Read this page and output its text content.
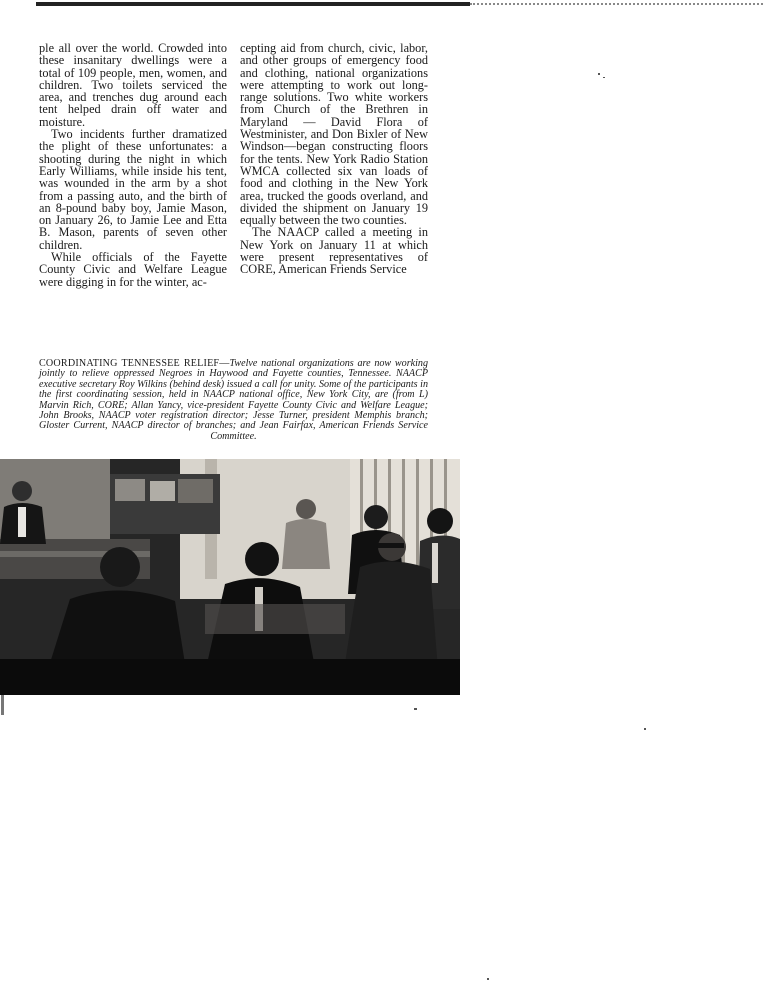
ple all over the world. Crowded into these insanitary dwellings were a total of 109 people, men, women, and children. Two toilets serviced the area, and trenches dug around each tent helped drain off water and moisture.

Two incidents further dramatized the plight of these unfortunates: a shooting during the night in which Early Williams, while inside his tent, was wounded in the arm by a shot from a passing auto, and the birth of an 8-pound baby boy, Jamie Mason, on January 26, to Jamie Lee and Etta B. Mason, parents of seven other children.

While officials of the Fayette County Civic and Welfare League were digging in for the winter, ac-

cepting aid from church, civic, labor, and other groups of emergency food and clothing, national organizations were attempting to work out long-range solutions. Two white workers from Church of the Brethren in Maryland — David Flora of Westminister, and Don Bixler of New Windson—began constructing floors for the tents. New York Radio Station WMCA collected six van loads of food and clothing in the New York area, trucked the goods overland, and divided the shipment on January 19 equally between the two counties.

The NAACP called a meeting in New York on January 11 at which were present representatives of CORE, American Friends Service

COORDINATING TENNESSEE RELIEF—Twelve national organizations are now working jointly to relieve oppressed Negroes in Haywood and Fayette counties, Tennessee. NAACP executive secretary Roy Wilkins (behind desk) issued a call for unity. Some of the participants in the first coordinating session, held in NAACP national office, New York City, are (from L) Marvin Rich, CORE; Allan Yancy, vice-president Fayette County Civic and Welfare League; John Brooks, NAACP voter registration director; Jesse Turner, president Memphis branch; Gloster Current, NAACP director of branches; and Jean Fairfax, American Friends Service Committee.
